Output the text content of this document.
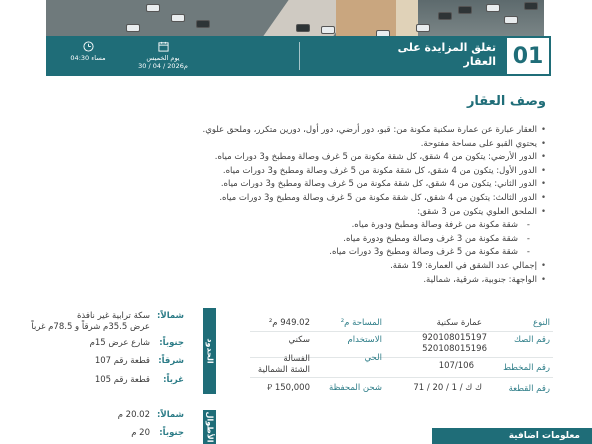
01
تغلق المزايدة على العقار
يوم الخميس
30 / 04 / 2026م
04:30 مساء
وصف العقار
• العقار عبارة عن عمارة سكنية مكونة من: قبو، دور أرضي، دور أول، دورين متكرر، وملحق علوي.
• يحتوي القبو على مساحة مفتوحة.
• الدور الأرضي: يتكون من 4 شقق، كل شقة مكونة من 5 غرف وصالة ومطبخ و3 دورات مياه.
• الدور الأول: يتكون من 4 شقق، كل شقة مكونة من 5 غرف وصالة ومطبخ و3 دورات مياه.
• الدور الثاني: يتكون من 4 شقق، كل شقة مكونة من 5 غرف وصالة ومطبخ و3 دورات مياه.
• الدور الثالث: يتكون من 4 شقق، كل شقة مكونة من 5 غرف وصالة ومطبخ و3 دورات مياه.
• الملحق العلوي يتكون من 3 شقق:
- شقة مكونة من غرفة وصالة ومطبخ ودورة مياه.
- شقة مكونة من 3 غرف وصالة ومطبخ ودورة مياه.
- شقة مكونة من 5 غرف وصالة ومطبخ و3 دورات مياه.
• إجمالي عدد الشقق في العمارة: 19 شقة.
• الواجهة: جنوبية، شرقية، شمالية.
النوع
عمارة سكنية
المساحة م²
949.02 م²
رقم الصك
920108015197
520108015196
الاستخدام
سكني
رقم المخطط
107/106
الحي
الفسالة
الشثة الشمالية
رقم القطعة
ك ك / 1 / 20 / 71
شحن المحفظة
⃁ 150,000
الحدود
شمالاً:
سكة ترابية غير نافذة
عرض 35.5م شرقاً و 78.5م غرباً
جنوباً:
شارع عرض 15م
شرقاً:
قطعة رقم 107
غرباً:
قطعة رقم 105
الأطوال
شمالاً:
20.02 م
جنوباً:
20 م	معلومات اضافية
